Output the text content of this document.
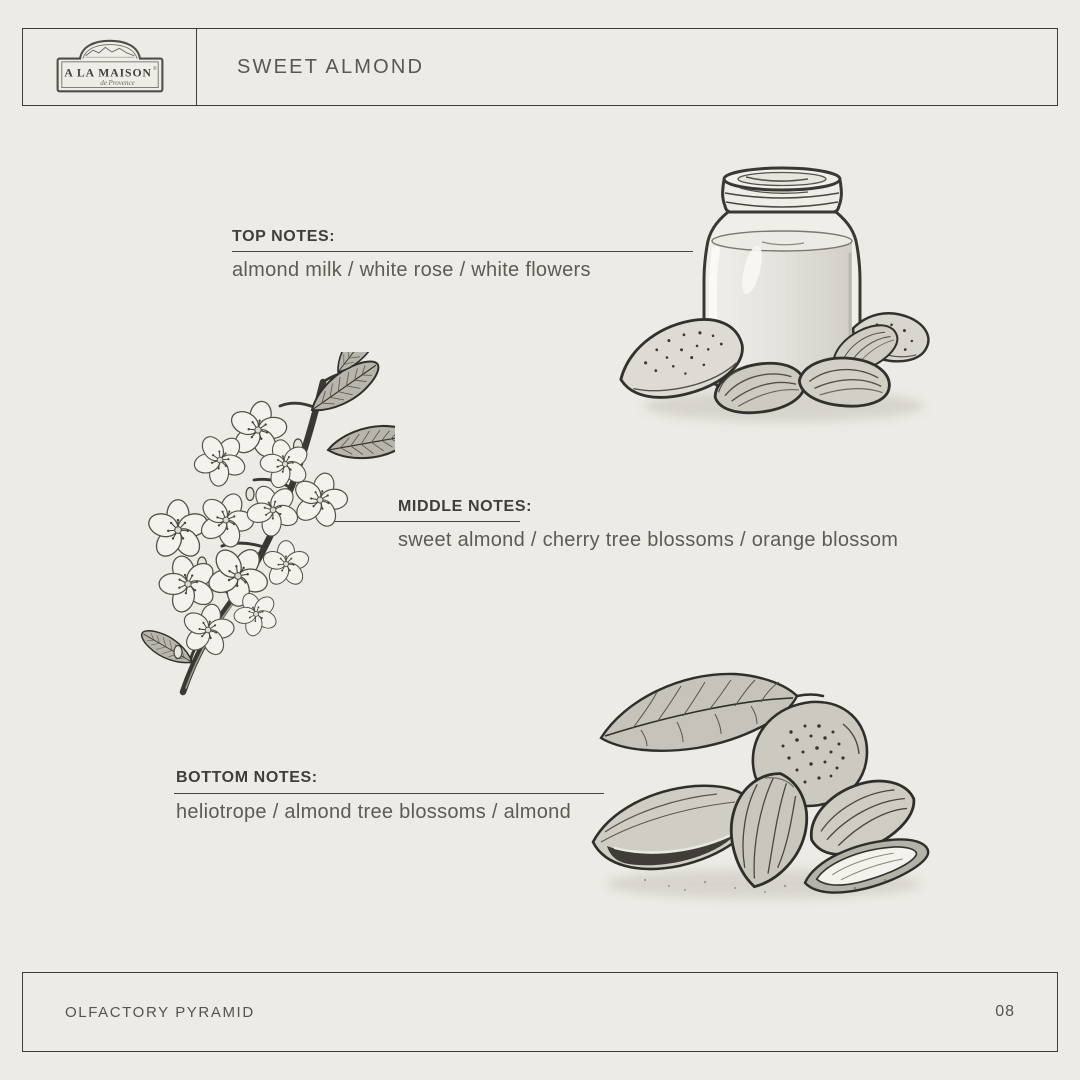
A LA MAISON ®
de Provence
SWEET ALMOND
TOP NOTES:
almond milk / white rose / white flowers
MIDDLE NOTES:
sweet almond / cherry tree blossoms / orange blossom
BOTTOM NOTES:
heliotrope / almond tree blossoms / almond
OLFACTORY PYRAMID	08
